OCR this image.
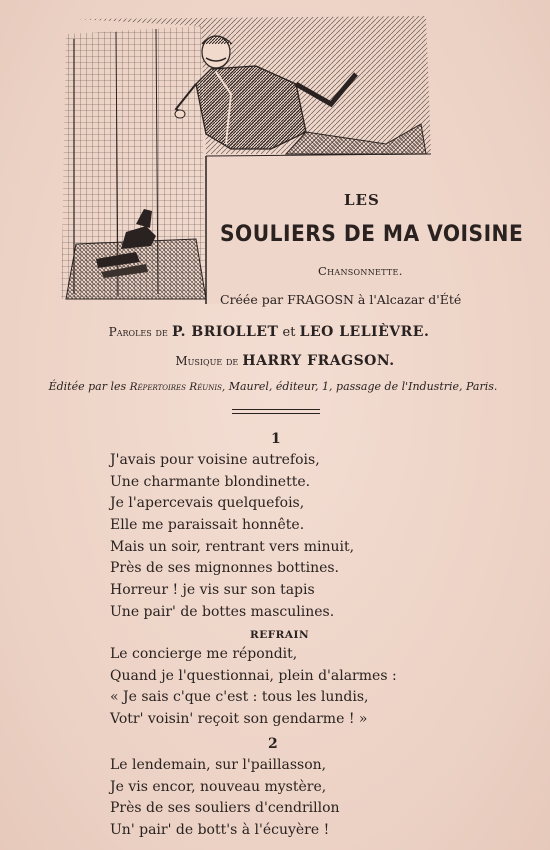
LES
SOULIERS DE MA VOISINE
Chansonnette.
Créée par FRAGOSN à l'Alcazar d'Été
Paroles de P. BRIOLLET et LEO LELIÈVRE.
Musique de HARRY FRAGSON.
Éditée par les Répertoires Réunis, Maurel, éditeur, 1, passage de l'Industrie, Paris.
1
J'avais pour voisine autrefois,
Une charmante blondinette.
Je l'apercevais quelquefois,
Elle me paraissait honnête.
Mais un soir, rentrant vers minuit,
Près de ses mignonnes bottines.
Horreur ! je vis sur son tapis
Une pair' de bottes masculines.
REFRAIN
Le concierge me répondit,
Quand je l'questionnai, plein d'alarmes :
« Je sais c'que c'est : tous les lundis,
Votr' voisin' reçoit son gendarme ! »
2
Le lendemain, sur l'paillasson,
Je vis encor, nouveau mystère,
Près de ses souliers d'cendrillon
Un' pair' de bott's à l'écuyère !
